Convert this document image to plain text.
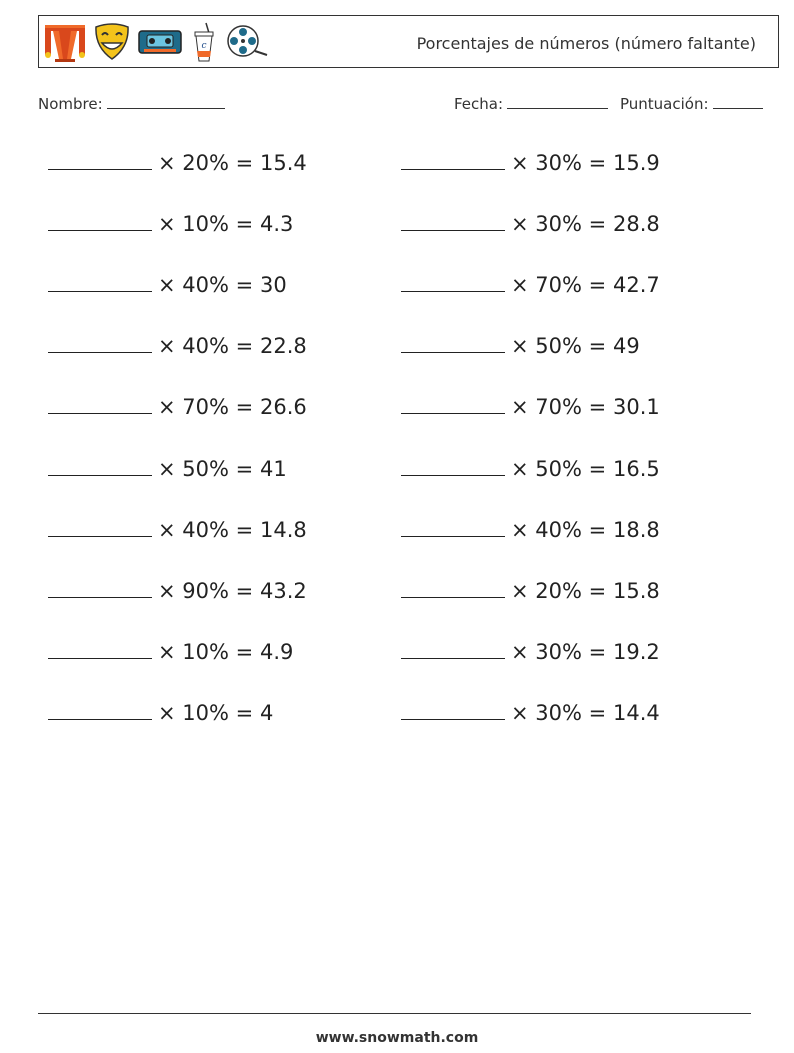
c	Porcentajes de números (número faltante)
Nombre:	Fecha:	Puntuación:
× 20% = 15.4
× 10% = 4.3
× 40% = 30
× 40% = 22.8
× 70% = 26.6
× 50% = 41
× 40% = 14.8
× 90% = 43.2
× 10% = 4.9
× 10% = 4
× 30% = 15.9
× 30% = 28.8
× 70% = 42.7
× 50% = 49
× 70% = 30.1
× 50% = 16.5
× 40% = 18.8
× 20% = 15.8
× 30% = 19.2
× 30% = 14.4
www.snowmath.com
